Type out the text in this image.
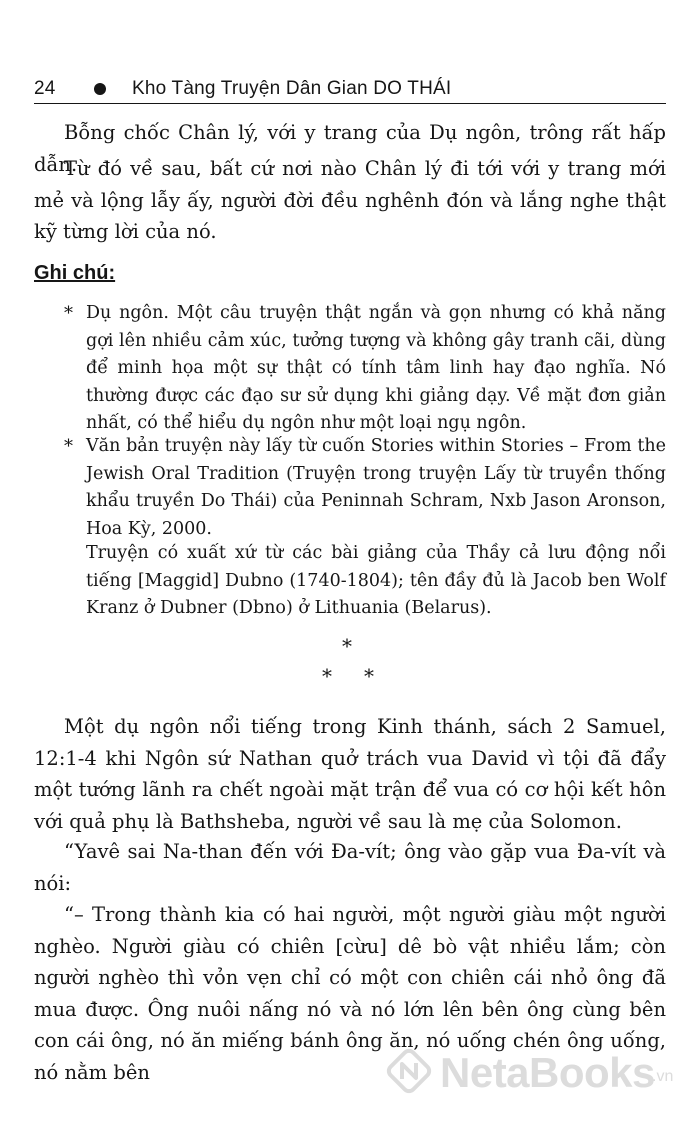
24	Kho Tàng Truyện Dân Gian DO THÁI

Bỗng chốc Chân lý, với y trang của Dụ ngôn, trông rất hấp dẫn.

Từ đó về sau, bất cứ nơi nào Chân lý đi tới với y trang mới mẻ và lộng lẫy ấy, người đời đều nghênh đón và lắng nghe thật kỹ từng lời của nó.

Ghi chú:

* Dụ ngôn. Một câu truyện thật ngắn và gọn nhưng có khả năng gợi lên nhiều cảm xúc, tưởng tượng và không gây tranh cãi, dùng để minh họa một sự thật có tính tâm linh hay đạo nghĩa. Nó thường được các đạo sư sử dụng khi giảng dạy. Về mặt đơn giản nhất, có thể hiểu dụ ngôn như một loại ngụ ngôn.

* Văn bản truyện này lấy từ cuốn Stories within Stories – From the Jewish Oral Tradition (Truyện trong truyện Lấy từ truyền thống khẩu truyền Do Thái) của Peninnah Schram, Nxb Jason Aronson, Hoa Kỳ, 2000.

Truyện có xuất xứ từ các bài giảng của Thầy cả lưu động nổi tiếng [Maggid] Dubno (1740-1804); tên đầy đủ là Jacob ben Wolf Kranz ở Dubner (Dbno) ở Lithuania (Belarus).

*
* *

Một dụ ngôn nổi tiếng trong Kinh thánh, sách 2 Samuel, 12:1-4 khi Ngôn sứ Nathan quở trách vua David vì tội đã đẩy một tướng lãnh ra chết ngoài mặt trận để vua có cơ hội kết hôn với quả phụ là Bathsheba, người về sau là mẹ của Solomon.

“Yavê sai Na-than đến với Đa-vít; ông vào gặp vua Đa-vít và nói:

“– Trong thành kia có hai người, một người giàu một người nghèo. Người giàu có chiên [cừu] dê bò vật nhiều lắm; còn người nghèo thì vỏn vẹn chỉ có một con chiên cái nhỏ ông đã mua được. Ông nuôi nấng nó và nó lớn lên bên ông cùng bên con cái ông, nó ăn miếng bánh ông ăn, nó uống chén ông uống, nó nằm bên	NetaBooks
.vn
